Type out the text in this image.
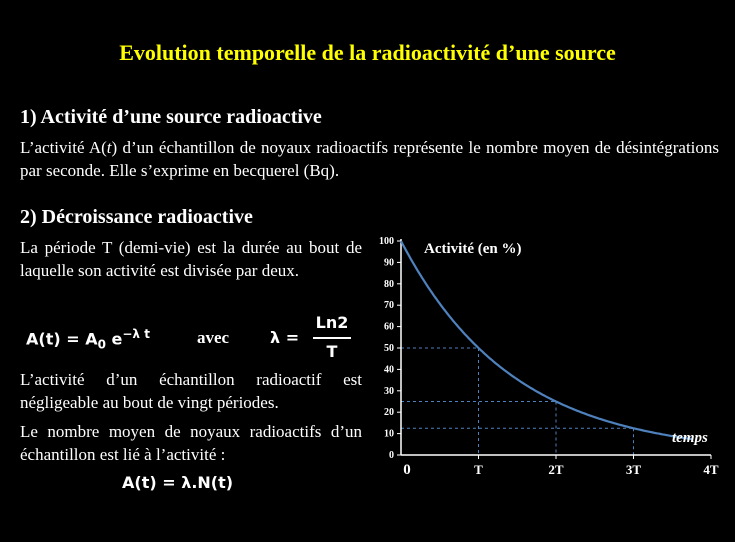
Evolution temporelle de la radioactivité d’une source
1) Activité d’une source radioactive
L’activité A(t) d’un échantillon de noyaux radioactifs représente le nombre moyen de désintégrations par seconde. Elle s’exprime en becquerel (Bq).
2) Décroissance radioactive
La période T (demi-vie) est la durée au bout de laquelle son activité est divisée par deux.
$A(t) = A_0$ $e^{-\lambda t}$	avec	λ =
Ln2
T
L’activité d’un échantillon radioactif est négligeable au bout de vingt périodes.
Le nombre moyen de noyaux radioactifs d’un échantillon est lié à l’activité :
A(t) = λ.N(t)
0
10
20
30
40
50
60
70
80
90
100
0	T	2T	3T	4T
Activité (en %)
temps
